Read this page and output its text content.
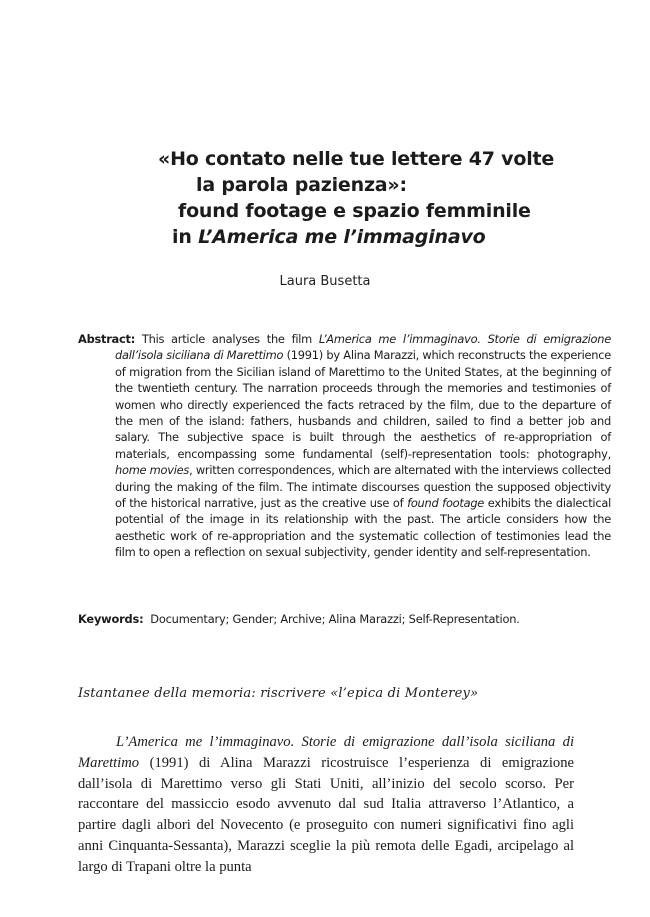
«Ho contato nelle tue lettere 47 volte
la parola pazienza»:
found footage e spazio femminile
in L’America me l’immaginavo
Laura Busetta
Abstract: This article analyses the film L’America me l’immaginavo. Storie di emigrazione dall’isola siciliana di Marettimo (1991) by Alina Marazzi, which reconstructs the experience of migration from the Sicilian island of Marettimo to the United States, at the beginning of the twentieth century. The narration proceeds through the memories and testimonies of women who directly experienced the facts retraced by the film, due to the departure of the men of the island: fathers, husbands and children, sailed to find a better job and salary. The subjective space is built through the aesthetics of re-appropriation of materials, encompassing some fundamental (self)-representation tools: photography, home movies, written correspondences, which are alternated with the interviews collected during the making of the film. The intimate discourses question the supposed objectivity of the historical narrative, just as the creative use of found footage exhibits the dialectical potential of the image in its relationship with the past. The article considers how the aesthetic work of re-appropriation and the systematic collection of testimonies lead the film to open a reflection on sexual subjectivity, gender identity and self-representation.
Keywords:  Documentary; Gender; Archive; Alina Marazzi; Self-Representation.
Istantanee della memoria: riscrivere «l’epica di Monterey»
L’America me l’immaginavo. Storie di emigrazione dall’isola siciliana di Marettimo (1991) di Alina Marazzi ricostruisce l’esperienza di emigrazione dall’isola di Marettimo verso gli Stati Uniti, all’inizio del secolo scorso. Per raccontare del massiccio esodo avvenuto dal sud Italia attraverso l’Atlantico, a partire dagli albori del Novecento (e proseguito con numeri significativi fino agli anni Cinquanta-Sessanta), Marazzi sceglie la più remota delle Egadi, arcipelago al largo di Trapani oltre la punta
